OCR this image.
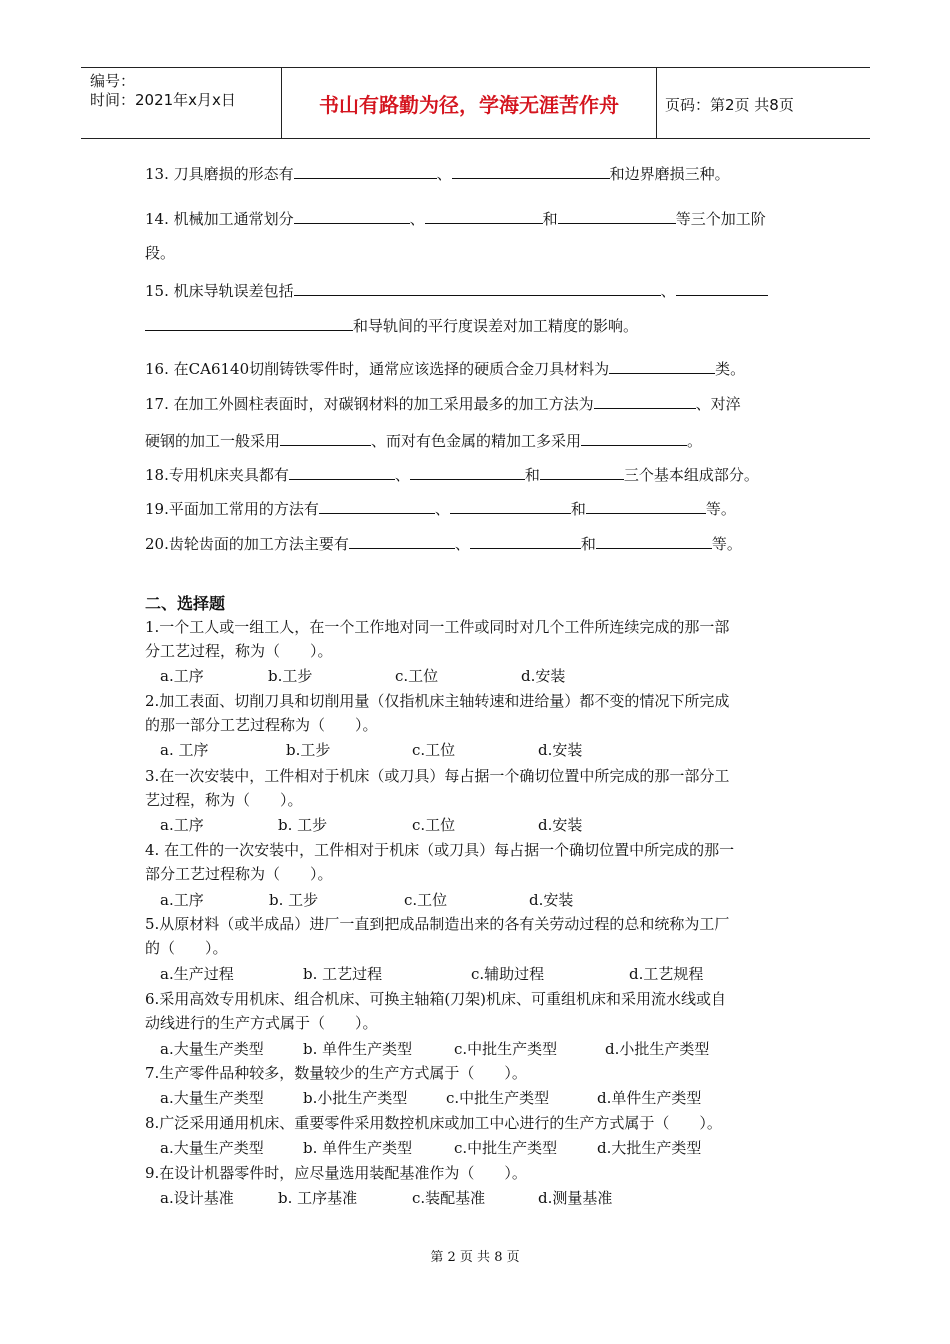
编号：
时间：2021年x月x日	书山有路勤为径，学海无涯苦作舟	页码：第2页 共8页
13. 刀具磨损的形态有	、	和边界磨损三种。
14. 机械加工通常划分	、	和	等三个加工阶
段。
15. 机床导轨误差包括	、
和导轨间的平行度误差对加工精度的影响。
16. 在CA6140切削铸铁零件时，通常应该选择的硬质合金刀具材料为	类。
17. 在加工外圆柱表面时，对碳钢材料的加工采用最多的加工方法为	、对淬
硬钢的加工一般采用	、而对有色金属的精加工多采用	。
18.专用机床夹具都有	、	和	三个基本组成部分。
19.平面加工常用的方法有	、	和	等。
20.齿轮齿面的加工方法主要有	、	和	等。
二、选择题
1.一个工人或一组工人，在一个工作地对同一工件或同时对几个工件所连续完成的那一部
分工艺过程，称为（　　）。
a.工序	b.工步	c.工位	d.安装
2.加工表面、切削刀具和切削用量（仅指机床主轴转速和进给量）都不变的情况下所完成
的那一部分工艺过程称为（　　）。
a. 工序	b.工步	c.工位	d.安装
3.在一次安装中，工件相对于机床（或刀具）每占据一个确切位置中所完成的那一部分工
艺过程，称为（　　）。
a.工序	b. 工步	c.工位	d.安装
4. 在工件的一次安装中，工件相对于机床（或刀具）每占据一个确切位置中所完成的那一
部分工艺过程称为（　　）。
a.工序	b. 工步	c.工位	d.安装
5.从原材料（或半成品）进厂一直到把成品制造出来的各有关劳动过程的总和统称为工厂
的（　　）。
a.生产过程	b. 工艺过程	c.辅助过程	d.工艺规程
6.采用高效专用机床、组合机床、可换主轴箱(刀架)机床、可重组机床和采用流水线或自
动线进行的生产方式属于（　　）。
a.大量生产类型	b. 单件生产类型	c.中批生产类型	d.小批生产类型
7.生产零件品种较多，数量较少的生产方式属于（　　）。
a.大量生产类型	b.小批生产类型	c.中批生产类型	d.单件生产类型
8.广泛采用通用机床、重要零件采用数控机床或加工中心进行的生产方式属于（　　）。
a.大量生产类型	b. 单件生产类型	c.中批生产类型	d.大批生产类型
9.在设计机器零件时，应尽量选用装配基准作为（　　）。
a.设计基准	b. 工序基准	c.装配基准	d.测量基准
第 2 页 共 8 页
